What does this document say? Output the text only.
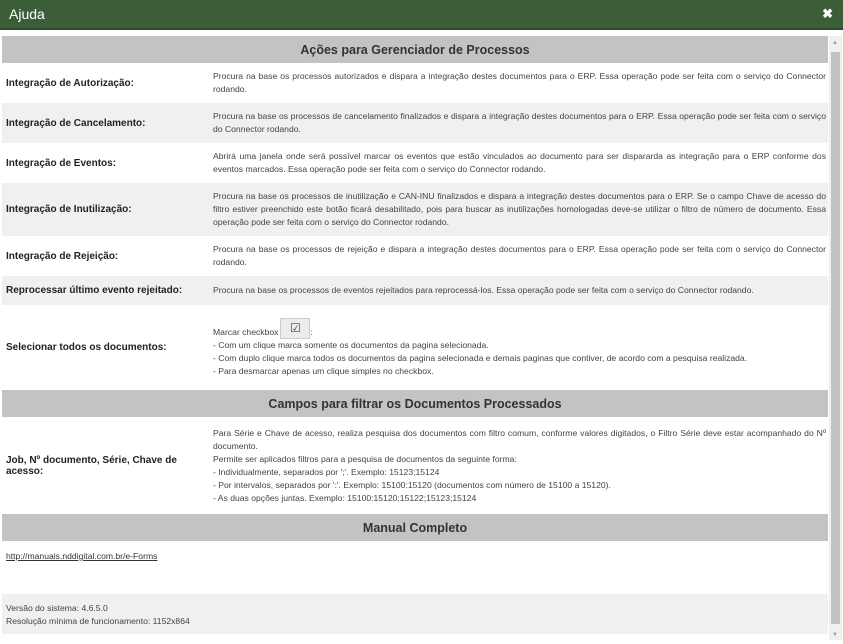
Ajuda	✖
Ações para Gerenciador de Processos
Integração de Autorização:
Procura na base os processos autorizados e dispara a integração destes documentos para o ERP. Essa operação pode ser feita com o serviço do Connector rodando.
Integração de Cancelamento:
Procura na base os processos de cancelamento finalizados e dispara a integração destes documentos para o ERP. Essa operação pode ser feita com o serviço do Connector rodando.
Integração de Eventos:
Abrirá uma janela onde será possível marcar os eventos que estão vinculados ao documento para ser dispararda as integração para o ERP conforme dos eventos marcados. Essa operação pode ser feita com o serviço do Connector rodando.
Integração de Inutilização:
Procura na base os processos de inutilização e CAN-INU finalizados e dispara a integração destes documentos para o ERP. Se o campo Chave de acesso do filtro estiver preenchido este botão ficará desabilitado, pois para buscar as inutilizações homologadas deve-se utilizar o filtro de número de documento. Essa operação pode ser feita com o serviço do Connector rodando.
Integração de Rejeição:
Procura na base os processos de rejeição e dispara a integração destes documentos para o ERP. Essa operação pode ser feita com o serviço do Connector rodando.
Reprocessar último evento rejeitado:	Procura na base os processos de eventos rejeitados para reprocessá-los. Essa operação pode ser feita com o serviço do Connector rodando.
Selecionar todos os documentos:
Marcar checkbox ☑ :
- Com um clique marca somente os documentos da pagina selecionada.
- Com duplo clique marca todos os documentos da pagina selecionada e demais paginas que contiver, de acordo com a pesquisa realizada.
- Para desmarcar apenas um clique simples no checkbox.
Campos para filtrar os Documentos Processados
Job, Nº documento, Série, Chave de acesso:
Para Série e Chave de acesso, realiza pesquisa dos documentos com filtro comum, conforme valores digitados, o Filtro Série deve estar acompanhado do Nº documento.
Permite ser aplicados filtros para a pesquisa de documentos da seguinte forma:
- Individualmente, separados por ';'. Exemplo: 15123;15124
- Por intervalos, separados por ':'. Exemplo: 15100:15120 (documentos com número de 15100 a 15120).
- As duas opções juntas. Exemplo: 15100:15120;15122;15123;15124
Manual Completo
http://manuais.nddigital.com.br/e-Forms
Versão do sistema: 4.6.5.0
Resolução mínima de funcionamento: 1152x864
▲
▼
